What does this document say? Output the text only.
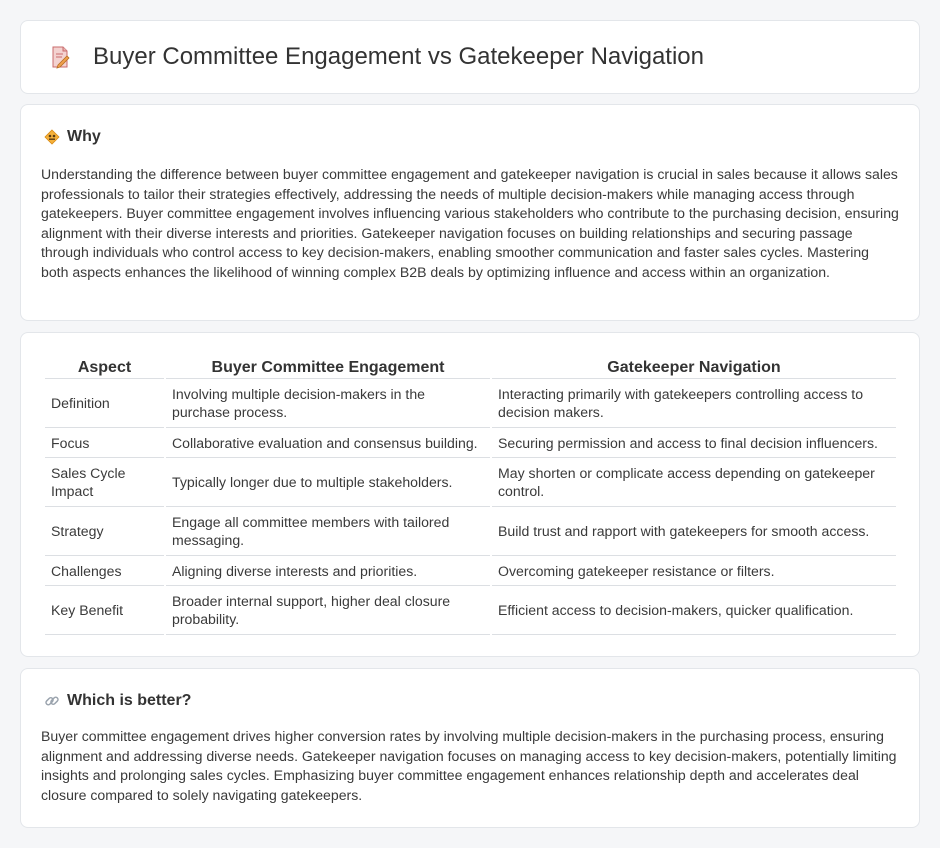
Buyer Committee Engagement vs Gatekeeper Navigation
Why

Understanding the difference between buyer committee engagement and gatekeeper navigation is crucial in sales because it allows sales professionals to tailor their strategies effectively, addressing the needs of multiple decision-makers while managing access through gatekeepers. Buyer committee engagement involves influencing various stakeholders who contribute to the purchasing decision, ensuring alignment with their diverse interests and priorities. Gatekeeper navigation focuses on building relationships and securing passage through individuals who control access to key decision-makers, enabling smoother communication and faster sales cycles. Mastering both aspects enhances the likelihood of winning complex B2B deals by optimizing influence and access within an organization.

Aspect	Buyer Committee Engagement	Gatekeeper Navigation
Definition	Involving multiple decision-makers in the purchase process.	Interacting primarily with gatekeepers controlling access to decision makers.
Focus	Collaborative evaluation and consensus building.	Securing permission and access to final decision influencers.
Sales Cycle Impact	Typically longer due to multiple stakeholders.	May shorten or complicate access depending on gatekeeper control.
Strategy	Engage all committee members with tailored messaging.	Build trust and rapport with gatekeepers for smooth access.
Challenges	Aligning diverse interests and priorities.	Overcoming gatekeeper resistance or filters.
Key Benefit	Broader internal support, higher deal closure probability.	Efficient access to decision-makers, quicker qualification.
Which is better?

Buyer committee engagement drives higher conversion rates by involving multiple decision-makers in the purchasing process, ensuring alignment and addressing diverse needs. Gatekeeper navigation focuses on managing access to key decision-makers, potentially limiting insights and prolonging sales cycles. Emphasizing buyer committee engagement enhances relationship depth and accelerates deal closure compared to solely navigating gatekeepers.
